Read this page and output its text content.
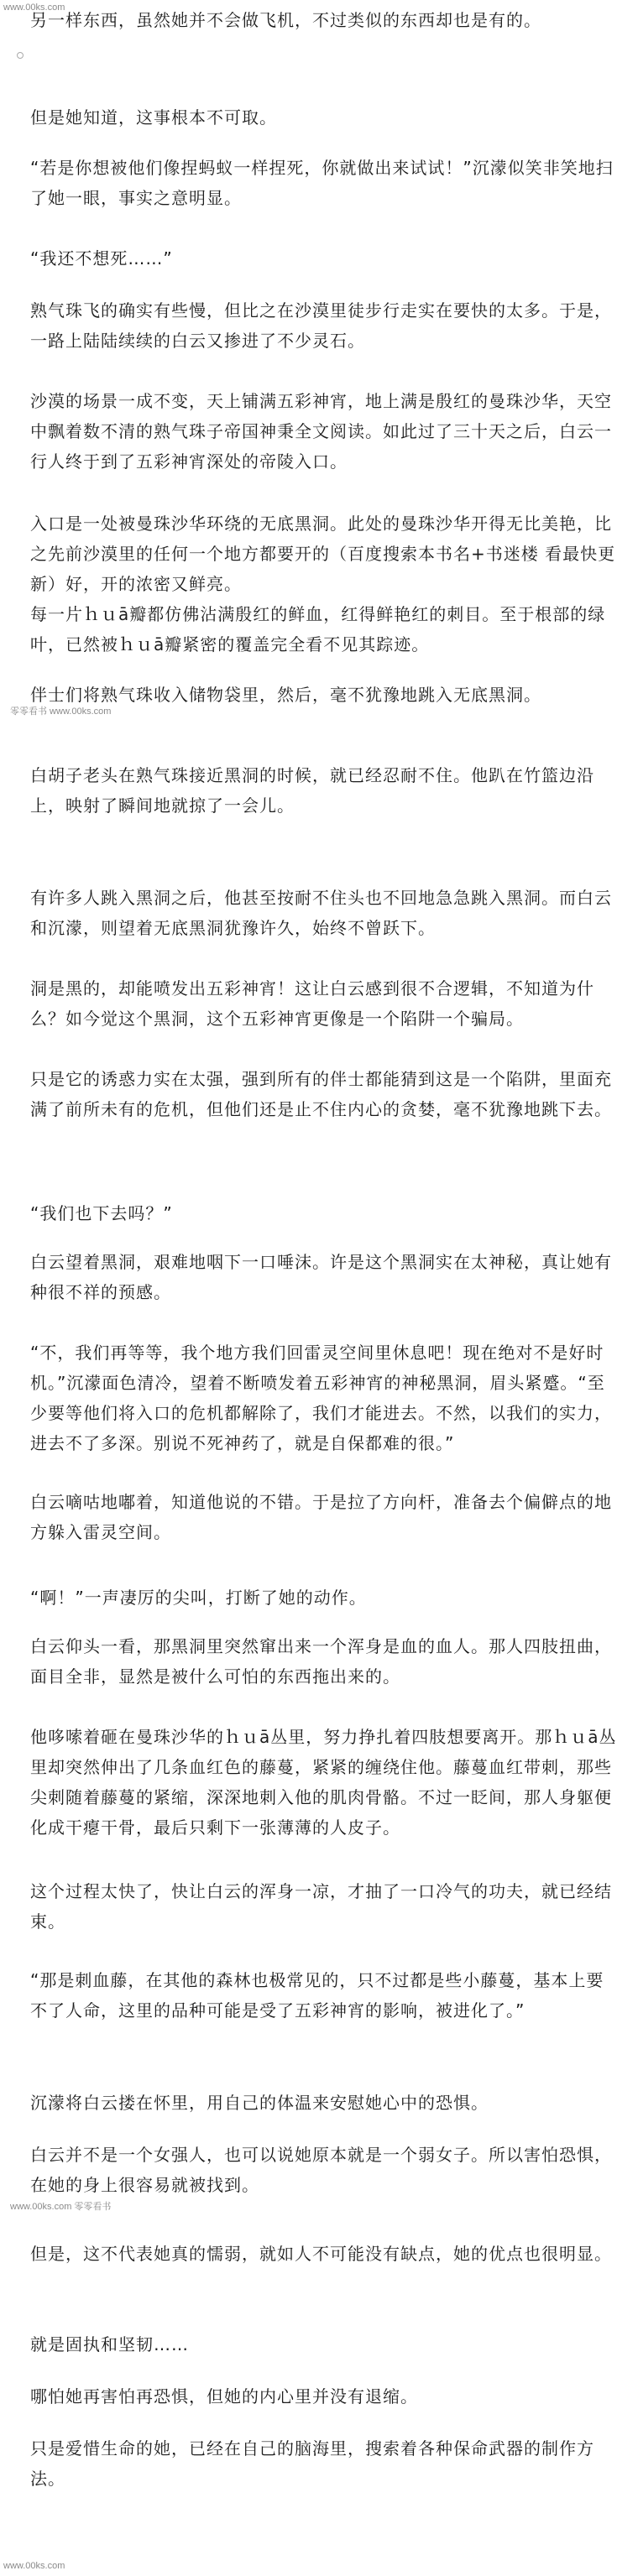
www.00ks.com

另一样东西，虽然她并不会做飞机，不过类似的东西却也是有的。

但是她知道，这事根本不可取。

“若是你想被他们像捏蚂蚁一样捏死，你就做出来试试！”沉濛似笑非笑地扫了她一眼，事实之意明显。

“我还不想死……”

熟气珠飞的确实有些慢，但比之在沙漠里徒步行走实在要快的太多。于是，一路上陆陆续续的白云又掺进了不少灵石。

沙漠的场景一成不变，天上铺满五彩神宵，地上满是殷红的曼珠沙华，天空中飘着数不清的熟气珠子帝国神秉全文阅读。如此过了三十天之后，白云一行人终于到了五彩神宵深处的帝陵入口。

入口是一处被曼珠沙华环绕的无底黑洞。此处的曼珠沙华开得无比美艳，比之先前沙漠里的任何一个地方都要开的（百度搜索本书名+书迷楼 看最快更新）好，开的浓密又鲜亮。

每一片ｈｕā瓣都仿佛沾满殷红的鲜血，红得鲜艳红的刺目。至于根部的绿叶，已然被ｈｕā瓣紧密的覆盖完全看不见其踪迹。

伴士们将熟气珠收入储物袋里，然后，毫不犹豫地跳入无底黑洞。

零零看书 www.00ks.com

白胡子老头在熟气珠接近黑洞的时候，就已经忍耐不住。他趴在竹篮边沿上，映射了瞬间地就掠了一会儿。

有许多人跳入黑洞之后，他甚至按耐不住头也不回地急急跳入黑洞。而白云和沉濛，则望着无底黑洞犹豫许久，始终不曾跃下。

洞是黑的，却能喷发出五彩神宵！这让白云感到很不合逻辑，不知道为什么？如今觉这个黑洞，这个五彩神宵更像是一个陷阱一个骗局。

只是它的诱惑力实在太强，强到所有的伴士都能猜到这是一个陷阱，里面充满了前所未有的危机，但他们还是止不住内心的贪婪，毫不犹豫地跳下去。

“我们也下去吗？”

白云望着黑洞，艰难地咽下一口唾沫。许是这个黑洞实在太神秘，真让她有种很不祥的预感。

“不，我们再等等，我个地方我们回雷灵空间里休息吧！现在绝对不是好时机。”沉濛面色清冷，望着不断喷发着五彩神宵的神秘黑洞，眉头紧蹙。“至少要等他们将入口的危机都解除了，我们才能进去。不然，以我们的实力，进去不了多深。别说不死神药了，就是自保都难的很。”

白云嘀咕地嘟着，知道他说的不错。于是拉了方向杆，准备去个偏僻点的地方躲入雷灵空间。

“啊！”一声凄厉的尖叫，打断了她的动作。

白云仰头一看，那黑洞里突然窜出来一个浑身是血的血人。那人四肢扭曲，面目全非，显然是被什么可怕的东西拖出来的。

他哆嗦着砸在曼珠沙华的ｈｕā丛里，努力挣扎着四肢想要离开。那ｈｕā丛里却突然伸出了几条血红色的藤蔓，紧紧的缠绕住他。藤蔓血红带刺，那些尖刺随着藤蔓的紧缩，深深地刺入他的肌肉骨骼。不过一眨间，那人身躯便化成干瘪干骨，最后只剩下一张薄薄的人皮子。

这个过程太快了，快让白云的浑身一凉，才抽了一口冷气的功夫，就已经结束。

“那是刺血藤，在其他的森林也极常见的，只不过都是些小藤蔓，基本上要不了人命，这里的品种可能是受了五彩神宵的影响，被进化了。”

沉濛将白云搂在怀里，用自己的体温来安慰她心中的恐惧。

白云并不是一个女强人，也可以说她原本就是一个弱女子。所以害怕恐惧，在她的身上很容易就被找到。

www.00ks.com 零零看书

但是，这不代表她真的懦弱，就如人不可能没有缺点，她的优点也很明显。

就是固执和坚韧……

哪怕她再害怕再恐惧，但她的内心里并没有退缩。

只是爱惜生命的她，已经在自己的脑海里，搜索着各种保命武器的制作方法。

www.00ks.com
